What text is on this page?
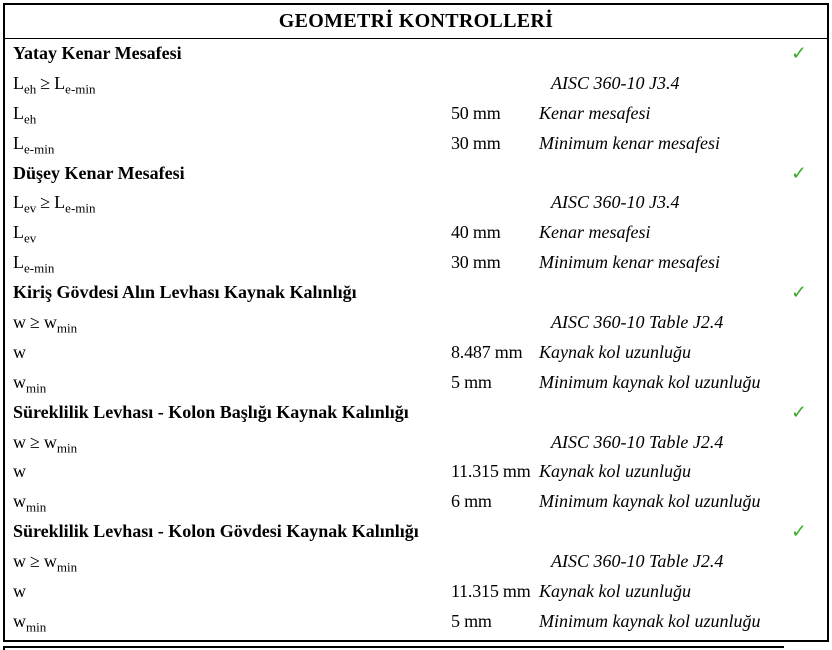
GEOMETRİ KONTROLLERİ
Yatay Kenar Mesafesi	✓
$L_{eh} \ge L_{e-min}$	AISC 360-10 J3.4
$L_{eh}$	50 mm Kenar mesafesi
$L_{e-min}$	30 mm Minimum kenar mesafesi
Düşey Kenar Mesafesi	✓
$L_{ev} \ge L_{e-min}$	AISC 360-10 J3.4
$L_{ev}$	40 mm Kenar mesafesi
$L_{e-min}$	30 mm Minimum kenar mesafesi
Kiriş Gövdesi Alın Levhası Kaynak Kalınlığı	✓
$w \ge w_{min}$	AISC 360-10 Table J2.4
w	8.487 mm Kaynak kol uzunluğu
$w_{min}$	5 mm	Minimum kaynak kol uzunluğu
Süreklilik Levhası - Kolon Başlığı Kaynak Kalınlığı	✓
$w \ge w_{min}$	AISC 360-10 Table J2.4
w	11.315 mm Kaynak kol uzunluğu
$w_{min}$	6 mm	Minimum kaynak kol uzunluğu
Süreklilik Levhası - Kolon Gövdesi Kaynak Kalınlığı	✓
$w \ge w_{min}$	AISC 360-10 Table J2.4
w	11.315 mm Kaynak kol uzunluğu
$w_{min}$	5 mm	Minimum kaynak kol uzunluğu
